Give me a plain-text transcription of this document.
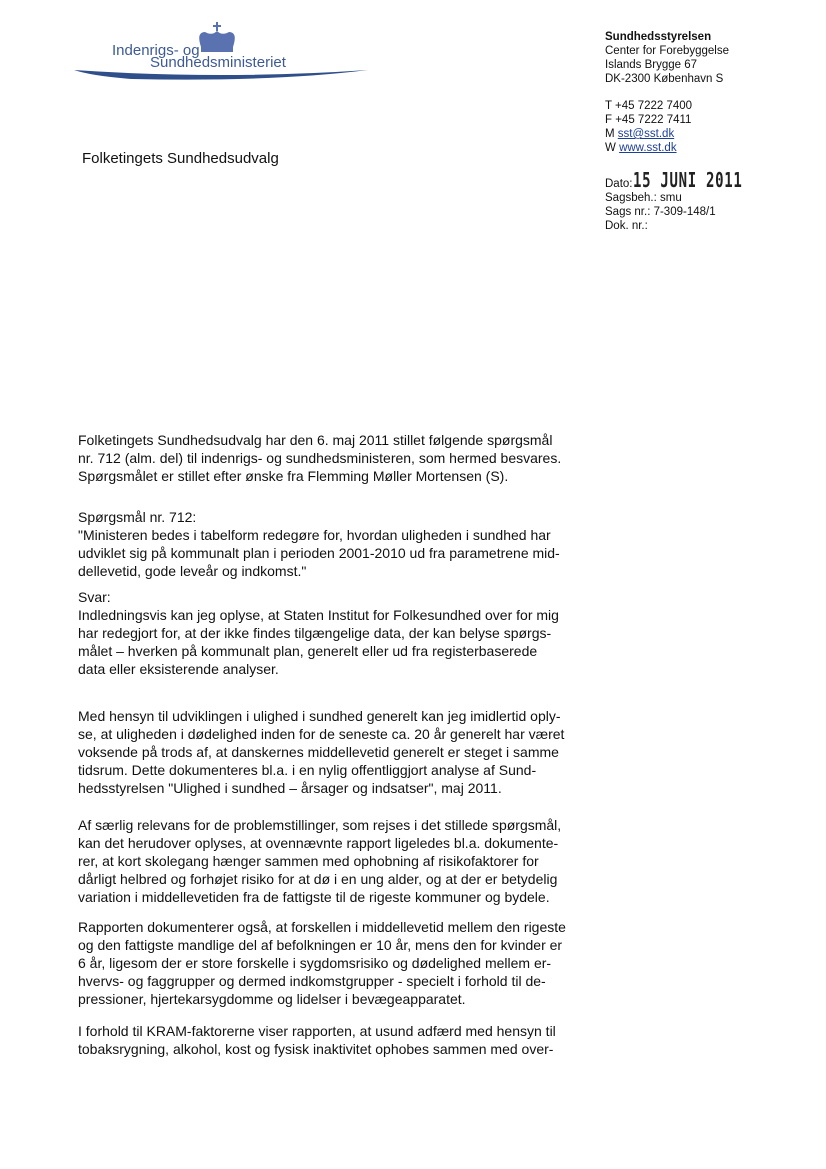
Indenrigs- og
Sundhedsministeriet
Sundhedsstyrelsen
Center for Forebyggelse
Islands Brygge 67
DK-2300 København S
T +45 7222 7400
F +45 7222 7411
M sst@sst.dk
W www.sst.dk
Dato:15 JUNI 2011
Sagsbeh.: smu
Sags nr.: 7-309-148/1
Dok. nr.:
Folketingets Sundhedsudvalg
Folketingets Sundhedsudvalg har den 6. maj 2011 stillet følgende spørgsmål
nr. 712 (alm. del) til indenrigs- og sundhedsministeren, som hermed besvares.
Spørgsmålet er stillet efter ønske fra Flemming Møller Mortensen (S).
Spørgsmål nr. 712:
"Ministeren bedes i tabelform redegøre for, hvordan uligheden i sundhed har
udviklet sig på kommunalt plan i perioden 2001-2010 ud fra parametrene mid-
dellevetid, gode leveår og indkomst."
Svar:
Indledningsvis kan jeg oplyse, at Staten Institut for Folkesundhed over for mig
har redegjort for, at der ikke findes tilgængelige data, der kan belyse spørgs-
målet – hverken på kommunalt plan, generelt eller ud fra registerbaserede
data eller eksisterende analyser.
Med hensyn til udviklingen i ulighed i sundhed generelt kan jeg imidlertid oply-
se, at uligheden i dødelighed inden for de seneste ca. 20 år generelt har været
voksende på trods af, at danskernes middellevetid generelt er steget i samme
tidsrum. Dette dokumenteres bl.a. i en nylig offentliggjort analyse af Sund-
hedsstyrelsen "Ulighed i sundhed – årsager og indsatser", maj 2011.
Af særlig relevans for de problemstillinger, som rejses i det stillede spørgsmål,
kan det herudover oplyses, at ovennævnte rapport ligeledes bl.a. dokumente-
rer, at kort skolegang hænger sammen med ophobning af risikofaktorer for
dårligt helbred og forhøjet risiko for at dø i en ung alder, og at der er betydelig
variation i middellevetiden fra de fattigste til de rigeste kommuner og bydele.
Rapporten dokumenterer også, at forskellen i middellevetid mellem den rigeste
og den fattigste mandlige del af befolkningen er 10 år, mens den for kvinder er
6 år, ligesom der er store forskelle i sygdomsrisiko og dødelighed mellem er-
hvervs- og faggrupper og dermed indkomstgrupper - specielt i forhold til de-
pressioner, hjertekarsygdomme og lidelser i bevægeapparatet.
I forhold til KRAM-faktorerne viser rapporten, at usund adfærd med hensyn til
tobaksrygning, alkohol, kost og fysisk inaktivitet ophobes sammen med over-
